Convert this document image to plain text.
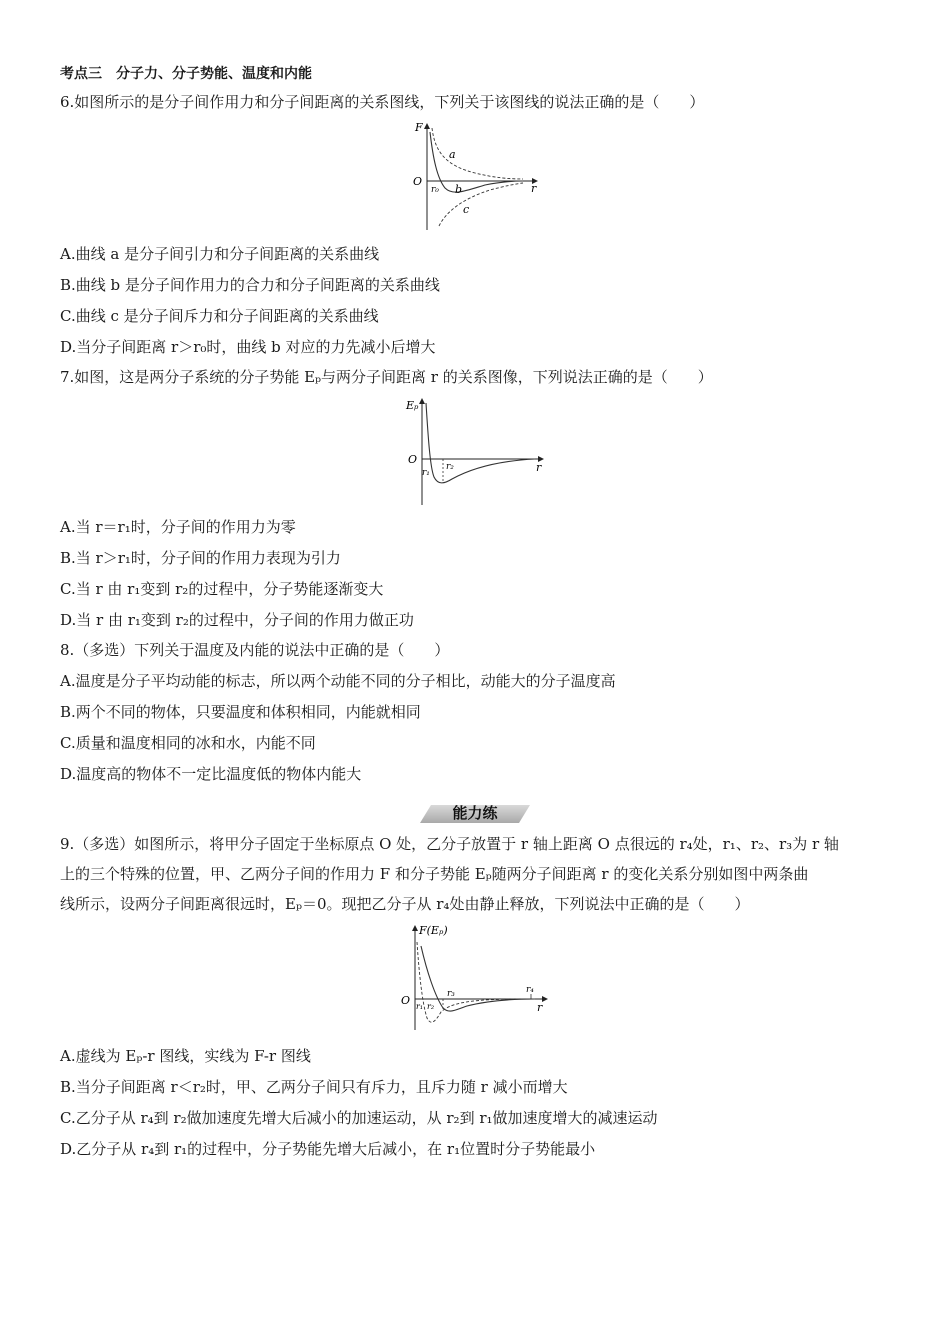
考点三　分子力、分子势能、温度和内能
6.如图所示的是分子间作用力和分子间距离的关系图线，下列关于该图线的说法正确的是（　　）
F
O
r
r₀
a
b
c
A.曲线 a 是分子间引力和分子间距离的关系曲线
B.曲线 b 是分子间作用力的合力和分子间距离的关系曲线
C.曲线 c 是分子间斥力和分子间距离的关系曲线
D.当分子间距离 r＞r₀时，曲线 b 对应的力先减小后增大
7.如图，这是两分子系统的分子势能 Eₚ与两分子间距离 r 的关系图像，下列说法正确的是（　　）
Eₚ
O
r
r₁
r₂
A.当 r＝r₁时，分子间的作用力为零
B.当 r＞r₁时，分子间的作用力表现为引力
C.当 r 由 r₁变到 r₂的过程中，分子势能逐渐变大
D.当 r 由 r₁变到 r₂的过程中，分子间的作用力做正功
8.（多选）下列关于温度及内能的说法中正确的是（　　）
A.温度是分子平均动能的标志，所以两个动能不同的分子相比，动能大的分子温度高
B.两个不同的物体，只要温度和体积相同，内能就相同
C.质量和温度相同的冰和水，内能不同
D.温度高的物体不一定比温度低的物体内能大
能力练
9.（多选）如图所示，将甲分子固定于坐标原点 O 处，乙分子放置于 r 轴上距离 O 点很远的 r₄处，r₁、r₂、r₃为 r 轴
上的三个特殊的位置，甲、乙两分子间的作用力 F 和分子势能 Eₚ随两分子间距离 r 的变化关系分别如图中两条曲
线所示，设两分子间距离很远时，Eₚ＝0。现把乙分子从 r₄处由静止释放，下列说法中正确的是（　　）
F(Eₚ)
O
r
r₁ r₂
r₃	r₄
A.虚线为 Eₚ-r 图线，实线为 F-r 图线
B.当分子间距离 r＜r₂时，甲、乙两分子间只有斥力，且斥力随 r 减小而增大
C.乙分子从 r₄到 r₂做加速度先增大后减小的加速运动，从 r₂到 r₁做加速度增大的减速运动
D.乙分子从 r₄到 r₁的过程中，分子势能先增大后减小，在 r₁位置时分子势能最小
